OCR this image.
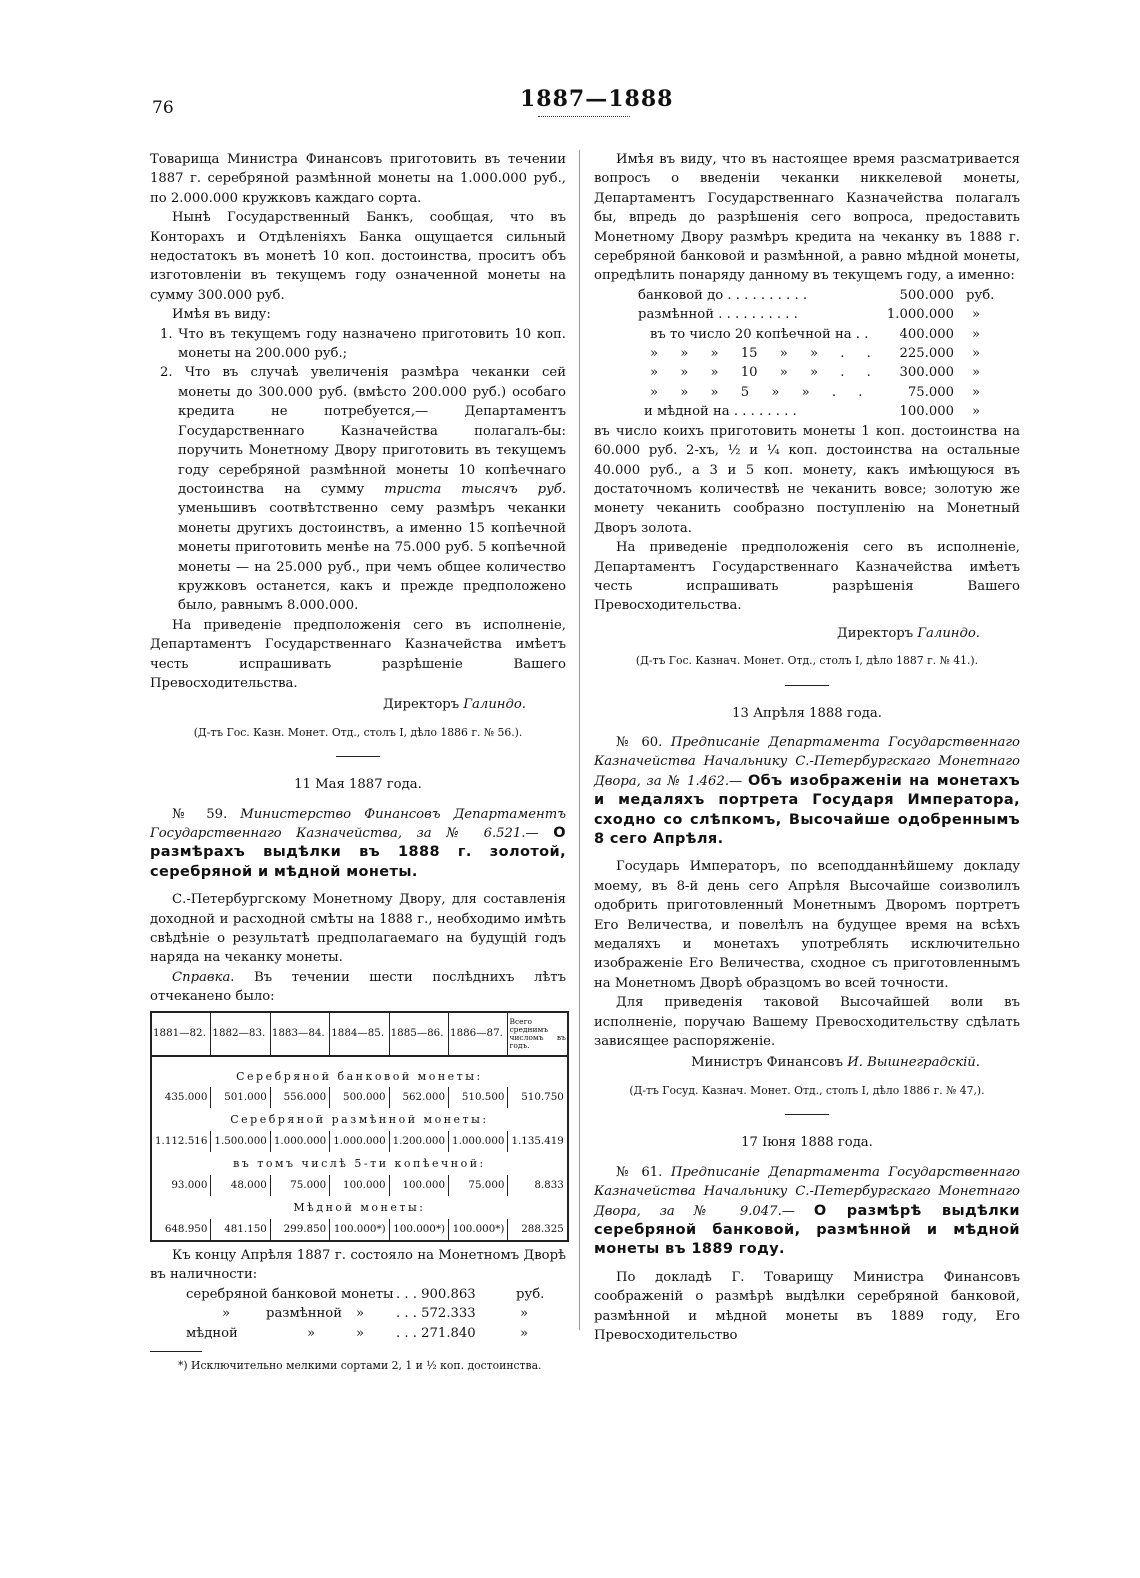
76	1887—1888

Товарища Министра Финансовъ приготовить въ течении 1887 г. серебряной размѣнной монеты на 1.000.000 руб., по 2.000.000 кружковъ каждаго сорта.

Нынѣ Государственный Банкъ, сообщая, что въ Конторахъ и Отдѣленіяхъ Банка ощущается сильный недостатокъ въ монетѣ 10 коп. достоинства, проситъ объ изготовленіи въ текущемъ году означенной монеты на сумму 300.000 руб.

Имѣя въ виду:

1. Что въ текущемъ году назначено приготовить 10 коп. монеты на 200.000 руб.;

2. Что въ случаѣ увеличенія размѣра чеканки сей монеты до 300.000 руб. (вмѣсто 200.000 руб.) особаго кредита не потребуется,— Департаментъ Государственнаго Казначейства полагалъ-бы: поручить Монетному Двору приготовить въ текущемъ году серебряной размѣнной монеты 10 копѣечнаго достоинства на сумму триста тысячъ руб. уменьшивъ соотвѣтственно сему размѣръ чеканки монеты другихъ достоинствъ, а именно 15 копѣечной монеты приготовить менѣе на 75.000 руб. 5 копѣечной монеты — на 25.000 руб., при чемъ общее количество кружковъ останется, какъ и прежде предположено было, равнымъ 8.000.000.

На приведеніе предположенія сего въ исполненіе, Департаментъ Государственнаго Казначейства имѣетъ честь испрашивать разрѣшеніе Вашего Превосходительства.

Директоръ Галиндо.

(Д-тъ Гос. Казн. Монет. Отд., столъ I, дѣло 1886 г. № 56.).

11 Мая 1887 года.

№ 59. Министерство Финансовъ Департаментъ Государственнаго Казначейства, за № 6.521.— О размѣрахъ выдѣлки въ 1888 г. золотой, серебряной и мѣдной монеты.

С.-Петербургскому Монетному Двору, для составленія доходной и расходной смѣты на 1888 г., необходимо имѣть свѣдѣніе о результатѣ предполагаемаго на будущій годъ наряда на чеканку монеты.

Справка. Въ течении шести послѣднихъ лѣтъ отчеканено было:

1881—82.	1882—83.	1883—84.	1884—85.	1885—86.	1886—87.	Всего среднимъ числомъ въ годъ.

Серебряной банковой монеты:						
435.000	501.000	556.000	500.000	562.000	510.500	510.750
Серебряной размѣнной монеты:						
1.112.516	1.500.000	1.000.000	1.000.000	1.200.000	1.000.000	1.135.419
въ томъ числѣ 5-ти копѣечной:						
93.000	48.000	75.000	100.000	100.000	75.000	8.833
Мѣдной монеты:						
648.950	481.150	299.850	100.000*)	100.000*)	100.000*)	288.325

Къ концу Апрѣля 1887 г. состояло на Монетномъ Дворѣ въ наличности:

серебряной банковой монеты . . . 900.863	руб.
»	размѣнной	»	. . . 572.333	»
мѣдной	»	»	. . . 271.840	»

*) Исключительно мелкими сортами 2, 1 и ½ коп. достоинства.

Имѣя въ виду, что въ настоящее время разсматривается вопросъ о введеніи чеканки никкелевой монеты, Департаментъ Государственнаго Казначейства полагалъ бы, впредь до разрѣшенія сего вопроса, предоставить Монетному Двору размѣръ кредита на чеканку въ 1888 г. серебряной банковой и размѣнной, а равно мѣдной монеты, опредѣлить понаряду данному въ текущемъ году, а именно:

банковой до . . . . . . . . . .	500.000 руб.
размѣнной . . . . . . . . . .	1.000.000 »
въ то число 20 копѣечной на . .	400.000 »
» » » 15 » » . .	225.000 »
» » » 10 » » . .	300.000 »
» » » 5 » » . .	75.000 »
и мѣдной на . . . . . . . .	100.000 »

въ число коихъ приготовить монеты 1 коп. достоинства на 60.000 руб. 2-хъ, ½ и ¼ коп. достоинства на остальные 40.000 руб., а 3 и 5 коп. монету, какъ имѣющуюся въ достаточномъ количествѣ не чеканить вовсе; золотую же монету чеканить сообразно поступленію на Монетный Дворъ золота.

На приведеніе предположенія сего въ исполненіе, Департаментъ Государственнаго Казначейства имѣетъ честь испрашивать разрѣшенія Вашего Превосходительства.

Директоръ Галиндо.

(Д-тъ Гос. Казнач. Монет. Отд., столъ I, дѣло 1887 г. № 41.).

13 Апрѣля 1888 года.

№ 60. Предписаніе Департамента Государственнаго Казначейства Начальнику С.-Петербургскаго Монетнаго Двора, за № 1.462.— Объ изображеніи на монетахъ и медаляхъ портрета Государя Императора, сходно со слѣпкомъ, Высочайше одобреннымъ 8 сего Апрѣля.

Государь Императоръ, по всеподданнѣйшему докладу моему, въ 8-й день сего Апрѣля Высочайше соизволилъ одобрить приготовленный Монетнымъ Дворомъ портретъ Его Величества, и повелѣлъ на будущее время на всѣхъ медаляхъ и монетахъ употреблять исключительно изображеніе Его Величества, сходное съ приготовленнымъ на Монетномъ Дворѣ образцомъ во всей точности.

Для приведенія таковой Высочайшей воли въ исполненіе, поручаю Вашему Превосходительству сдѣлать зависящее распоряженіе.

Министръ Финансовъ И. Вышнеградскій.

(Д-тъ Госуд. Казнач. Монет. Отд., столъ I, дѣло 1886 г. № 47,).

17 Іюня 1888 года.

№ 61. Предписаніе Департамента Государственнаго Казначейства Начальнику С.-Петербургскаго Монетнаго Двора, за № 9.047.— О размѣрѣ выдѣлки серебряной банковой, размѣнной и мѣдной монеты въ 1889 году.

По докладѣ Г. Товарищу Министра Финансовъ соображеній о размѣрѣ выдѣлки серебряной банковой, размѣнной и мѣдной монеты въ 1889 году, Его Превосходительство
